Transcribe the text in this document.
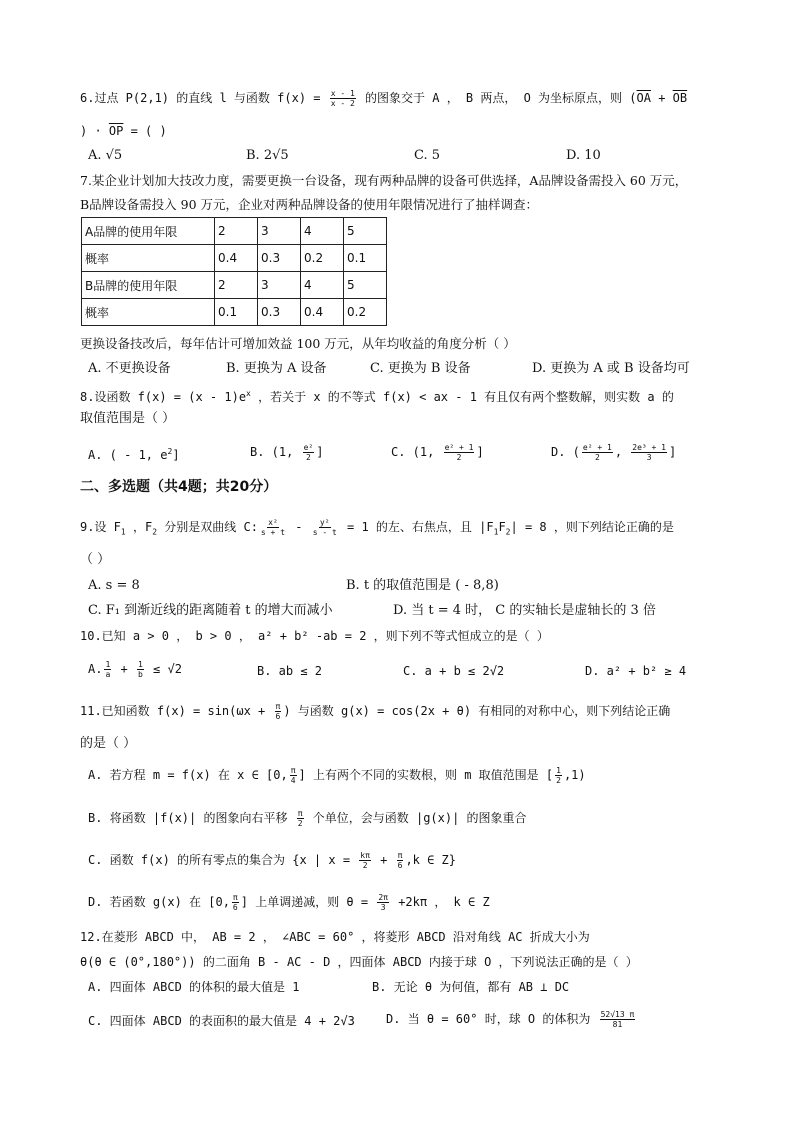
6.过点 P(2,1) 的直线 l 与函数 $f(x) = \frac{x - 1}{x - 2}$ 的图象交于 A ， B 两点， O 为坐标原点，则 ($\overline{OA} + \overline{OB}$
) · $\overline{OP}$ = ( )
A. √5	B. 2√5	C. 5	D. 10
7.某企业计划加大技改力度，需要更换一台设备，现有两种品牌的设备可供选择，A品牌设备需投入 60 万元，
B品牌设备需投入 90 万元，企业对两种品牌设备的使用年限情况进行了抽样调查：
A品牌的使用年限	2	3	4	5
概率	0.4	0.3	0.2	0.1
B品牌的使用年限	2	3	4	5
概率	0.1	0.3	0.4	0.2
更换设备技改后，每年估计可增加效益 100 万元，从年均收益的角度分析（ ）
A. 不更换设备	B. 更换为 A 设备	C. 更换为 B 设备	D. 更换为 A 或 B 设备均可
8.设函数 $f(x) = (x - 1)e^x$ ，若关于 x 的不等式 f(x) < ax - 1 有且仅有两个整数解，则实数 a 的
取值范围是（ ）
A. ( - 1, $e^2$]	B. (1, $\frac{\text{e²}}{2}$ ]	C. (1, $\frac{\text{e² + 1}}{2}$ ]	D. ( $\frac{\text{e² + 1}}{2}$ , $\frac{\text{2e³ + 1}}{3}$ ]
二、多选题（共4题；共20分）
9.设 $F_1$ ，$F_2$ 分别是双曲线 C: $\frac{\text{x²}}{s + t} - \frac{\text{y²}}{s - t} = 1$ 的左、右焦点，且 $|F_1F_2| = 8$ ，则下列结论正确的是
（ ）
A. s = 8	B. t 的取值范围是 ( - 8,8)
C. F₁ 到渐近线的距离随着 t 的增大而减小	D. 当 t = 4 时， C 的实轴长是虚轴长的 3 倍
10.已知 a > 0 ， b > 0 ， a² + b² -ab = 2 ，则下列不等式恒成立的是（ ）
A. $\frac{1}{a} + \frac{1}{b} \le √2$	B. ab ≤ 2	C. a + b ≤ 2√2	D. a² + b² ≥ 4
11.已知函数 $f(x) = \sin(\omega x + \frac{\pi}{6}$ ) 与函数 g(x) = cos(2x + θ) 有相同的对称中心，则下列结论正确
的是（ ）
A. 若方程 m = f(x) 在 x ∈ [0, $\frac{\pi}{4}$ ] 上有两个不同的实数根，则 m 取值范围是 [ $\frac{1}{2} ,1$)
B. 将函数 |f(x)| 的图象向右平移 $\frac{\pi}{2}$ 个单位，会与函数 |g(x)| 的图象重合
C. 函数 f(x) 的所有零点的集合为 {x | $x = \frac{k\pi}{2} + \frac{\pi}{6} ,k$ ∈ Z}
D. 若函数 g(x) 在 [0, $\frac{\pi}{6}$ ] 上单调递减，则 $\theta = \frac{2\pi}{3} +2k\pi$ ， k ∈ Z
12.在菱形 ABCD 中， AB = 2 ， ∠ABC = 60° ，将菱形 ABCD 沿对角线 AC 折成大小为
θ(θ ∈ (0°,180°)) 的二面角 B - AC - D ，四面体 ABCD 内接于球 O ，下列说法正确的是（ ）
A. 四面体 ABCD 的体积的最大值是 1	B. 无论 θ 为何值，都有 AB ⊥ DC
C. 四面体 ABCD 的表面积的最大值是 4 + 2√3	D. 当 θ = 60° 时，球 O 的体积为 $\frac{52√13 \pi}{81}$
